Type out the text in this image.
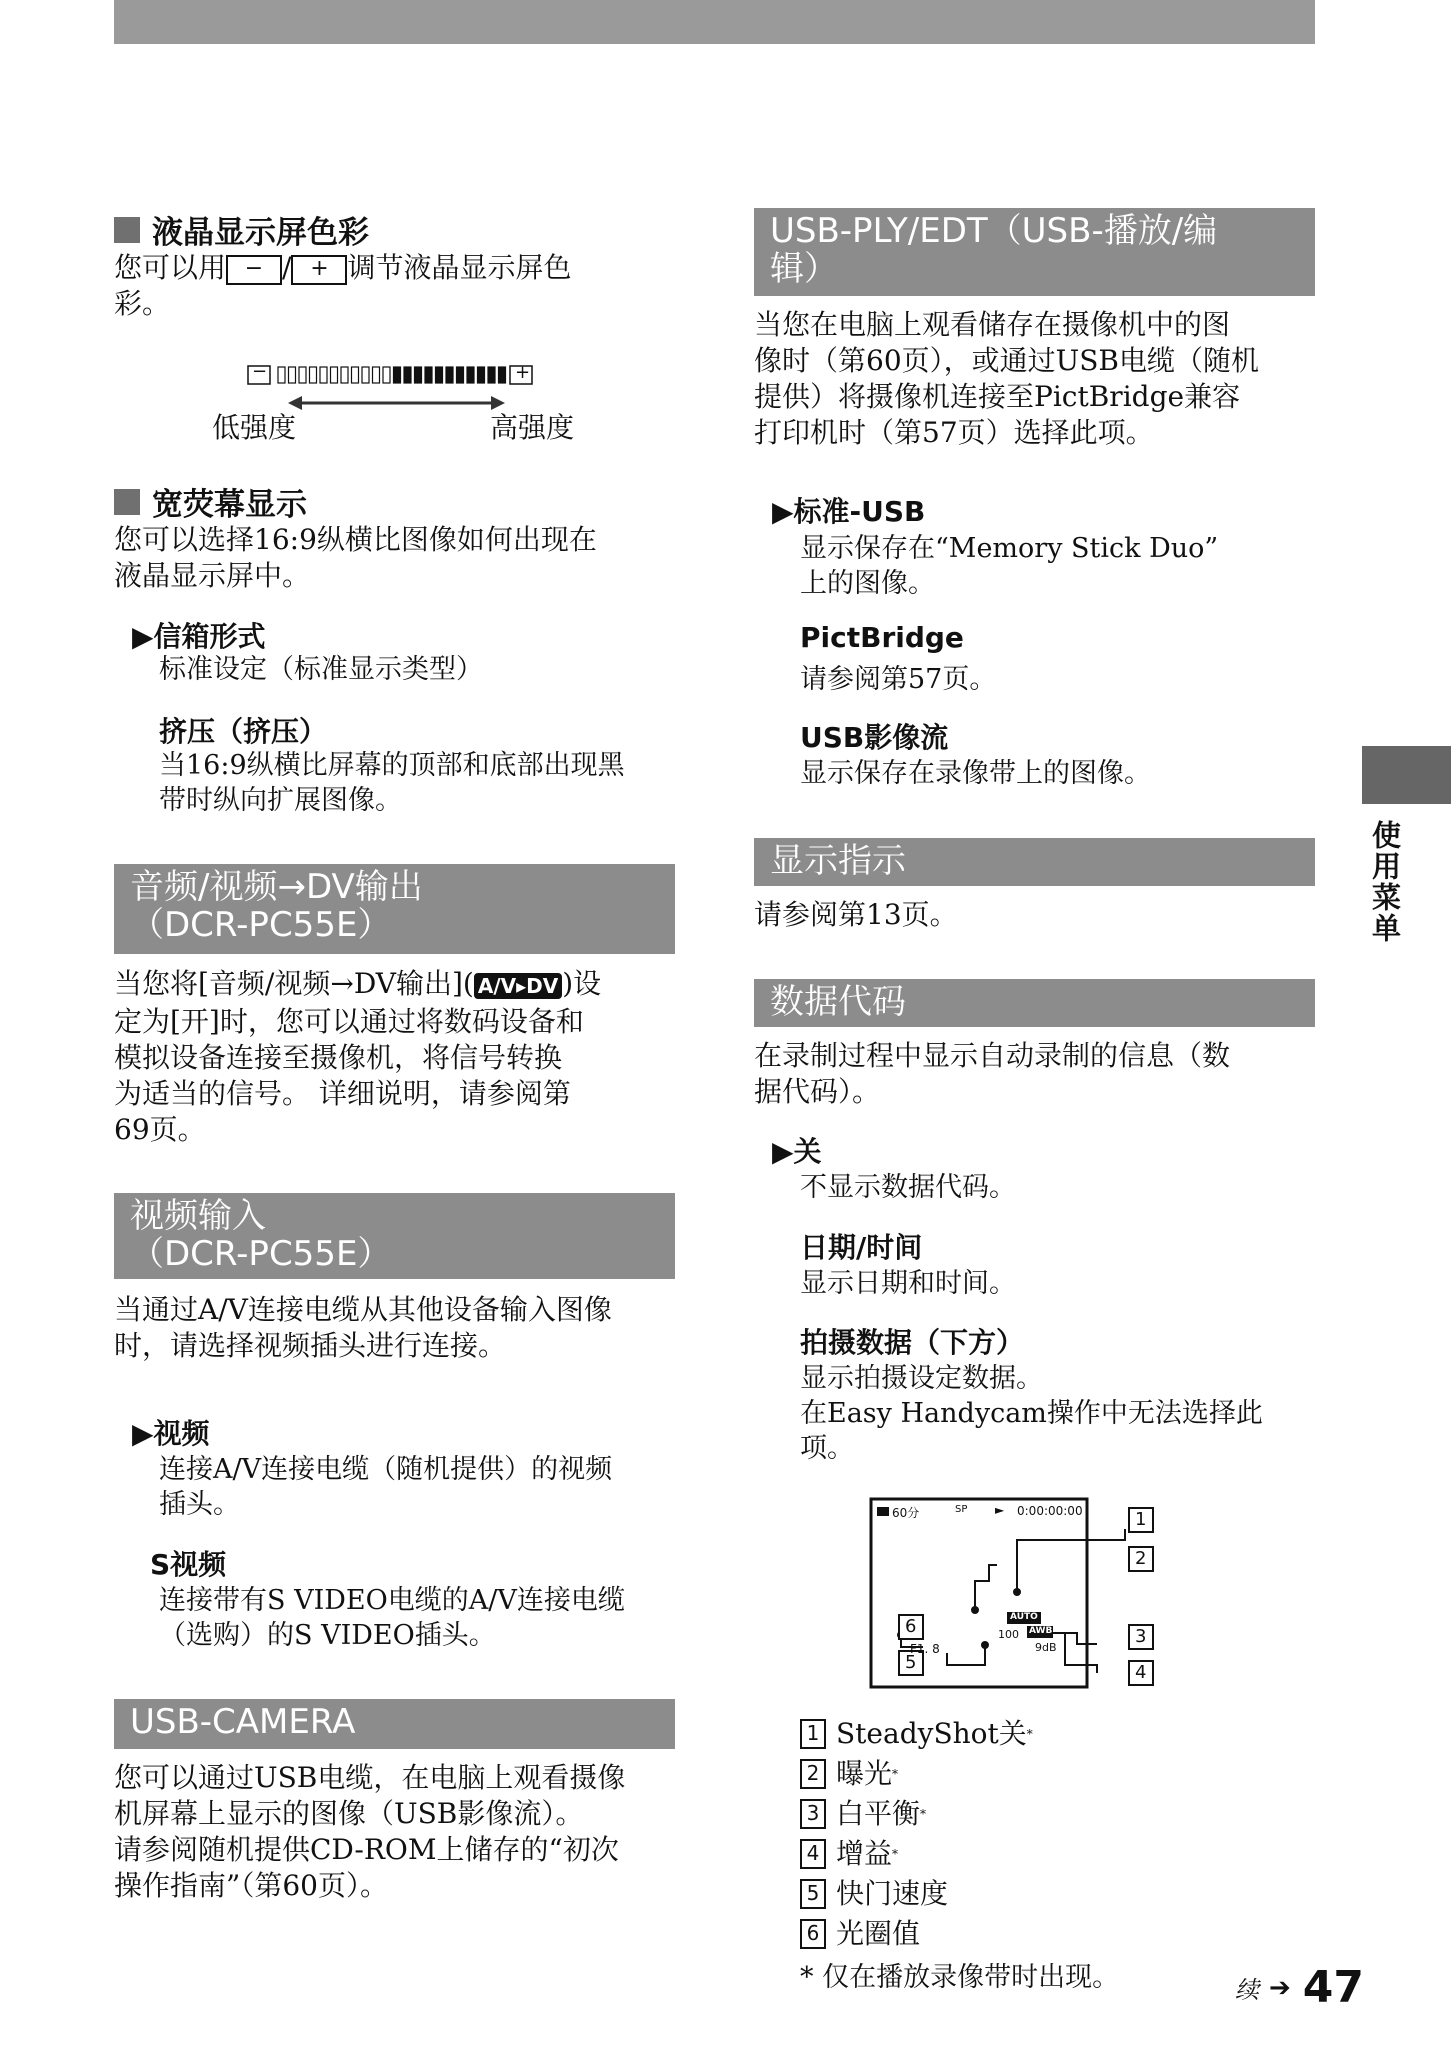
液晶显示屏色彩
您可以用 − / + 调节液晶显示屏色
彩。
−	+
低强度	高强度
宽荧幕显示
您可以选择16:9纵横比图像如何出现在
液晶显示屏中。
▶信箱形式
标准设定（标准显示类型）
挤压（挤压）
当16:9纵横比屏幕的顶部和底部出现黑
带时纵向扩展图像。
音频/视频→DV输出
（DCR-PC55E）
当您将[音频/视频→DV输出]( A/V▸DV )设
定为[开]时，您可以通过将数码设备和
模拟设备连接至摄像机，将信号转换
为适当的信号。 详细说明，请参阅第
69页。
视频输入
（DCR-PC55E）
当通过A/V连接电缆从其他设备输入图像
时，请选择视频插头进行连接。
▶视频
连接A/V连接电缆（随机提供）的视频
插头。
S视频
连接带有S VIDEO电缆的A/V连接电缆
（选购）的S VIDEO插头。
USB-CAMERA
您可以通过USB电缆，在电脑上观看摄像
机屏幕上显示的图像（USB影像流）。
请参阅随机提供CD-ROM上储存的“初次
操作指南”（第60页）。
USB-PLY/EDT（USB-播放/编
辑）
当您在电脑上观看储存在摄像机中的图
像时（第60页），或通过USB电缆（随机
提供）将摄像机连接至PictBridge兼容
打印机时（第57页）选择此项。
▶标准-USB
显示保存在“Memory Stick Duo”
上的图像。
PictBridge
请参阅第57页。
USB影像流
显示保存在录像带上的图像。
显示指示
请参阅第13页。
数据代码
在录制过程中显示自动录制的信息（数
据代码）。
▶关
不显示数据代码。
日期/时间
显示日期和时间。
拍摄数据（下方）
显示拍摄设定数据。
在Easy Handycam操作中无法选择此
项。
60分	SP ► 0:00:00:00
AUTO
100 AWB
9dB
F1. 8
1
2
3
4
5
6
1 SteadyShot关 *
2 曝光 *
3 白平衡 *
4 增益 *
5 快门速度
6 光圈值
* 仅在播放录像带时出现。
使用菜单
续 ➔ 47
